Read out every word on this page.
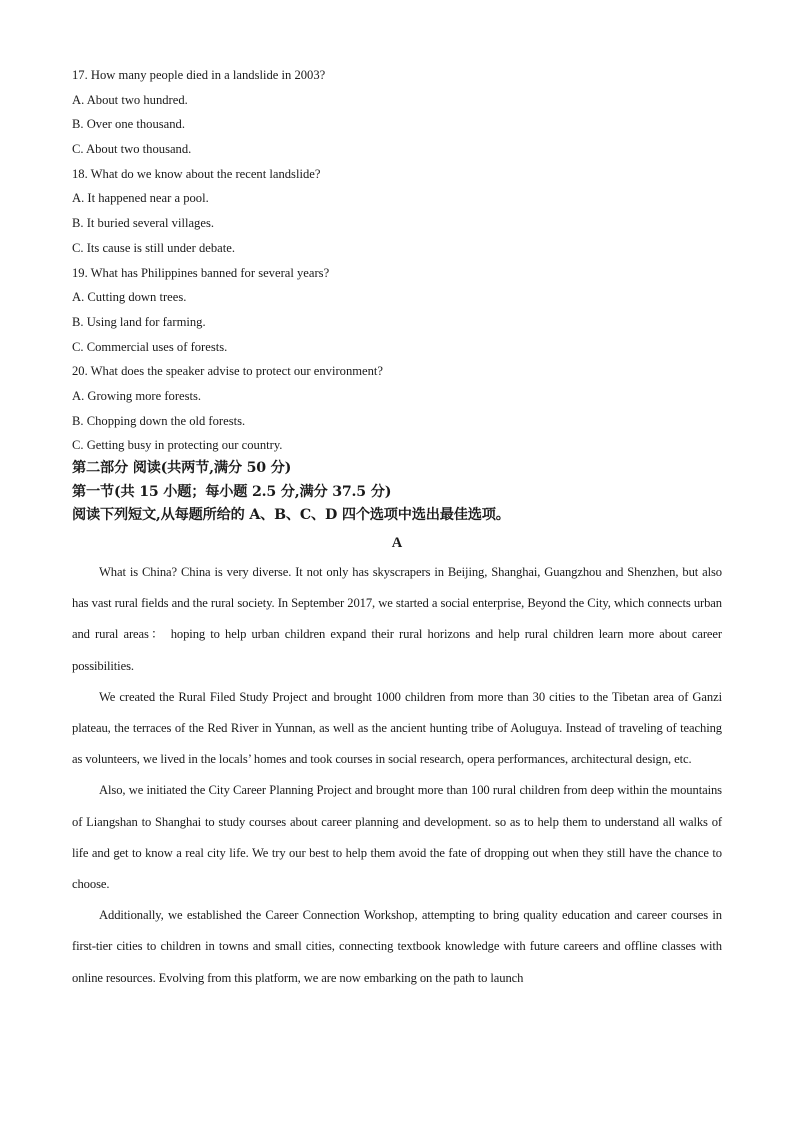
17. How many people died in a landslide in 2003?
A. About two hundred.
B. Over one thousand.
C. About two thousand.
18. What do we know about the recent landslide?
A. It happened near a pool.
B. It buried several villages.
C. Its cause is still under debate.
19. What has Philippines banned for several years?
A. Cutting down trees.
B. Using land for farming.
C. Commercial uses of forests.
20. What does the speaker advise to protect our environment?
A. Growing more forests.
B. Chopping down the old forests.
C. Getting busy in protecting our country.
第二部分 阅读(共两节,满分 50 分)
第一节(共 15 小题；每小题 2.5 分,满分 37.5 分)
阅读下列短文,从每题所给的 A、B、C、D 四个选项中选出最佳选项。
A

What is China? China is very diverse. It not only has skyscrapers in Beijing, Shanghai, Guangzhou and Shenzhen, but also has vast rural fields and the rural society. In September 2017, we started a social enterprise, Beyond the City, which connects urban and rural areas： hoping to help urban children expand their rural horizons and help rural children learn more about career possibilities.

We created the Rural Filed Study Project and brought 1000 children from more than 30 cities to the Tibetan area of Ganzi plateau, the terraces of the Red River in Yunnan, as well as the ancient hunting tribe of Aoluguya. Instead of traveling of teaching as volunteers, we lived in the locals’ homes and took courses in social research, opera performances, architectural design, etc.

Also, we initiated the City Career Planning Project and brought more than 100 rural children from deep within the mountains of Liangshan to Shanghai to study courses about career planning and development. so as to help them to understand all walks of life and get to know a real city life. We try our best to help them avoid the fate of dropping out when they still have the chance to choose.

Additionally, we established the Career Connection Workshop, attempting to bring quality education and career courses in first-tier cities to children in towns and small cities, connecting textbook knowledge with future careers and offline classes with online resources. Evolving from this platform, we are now embarking on the path to launch
